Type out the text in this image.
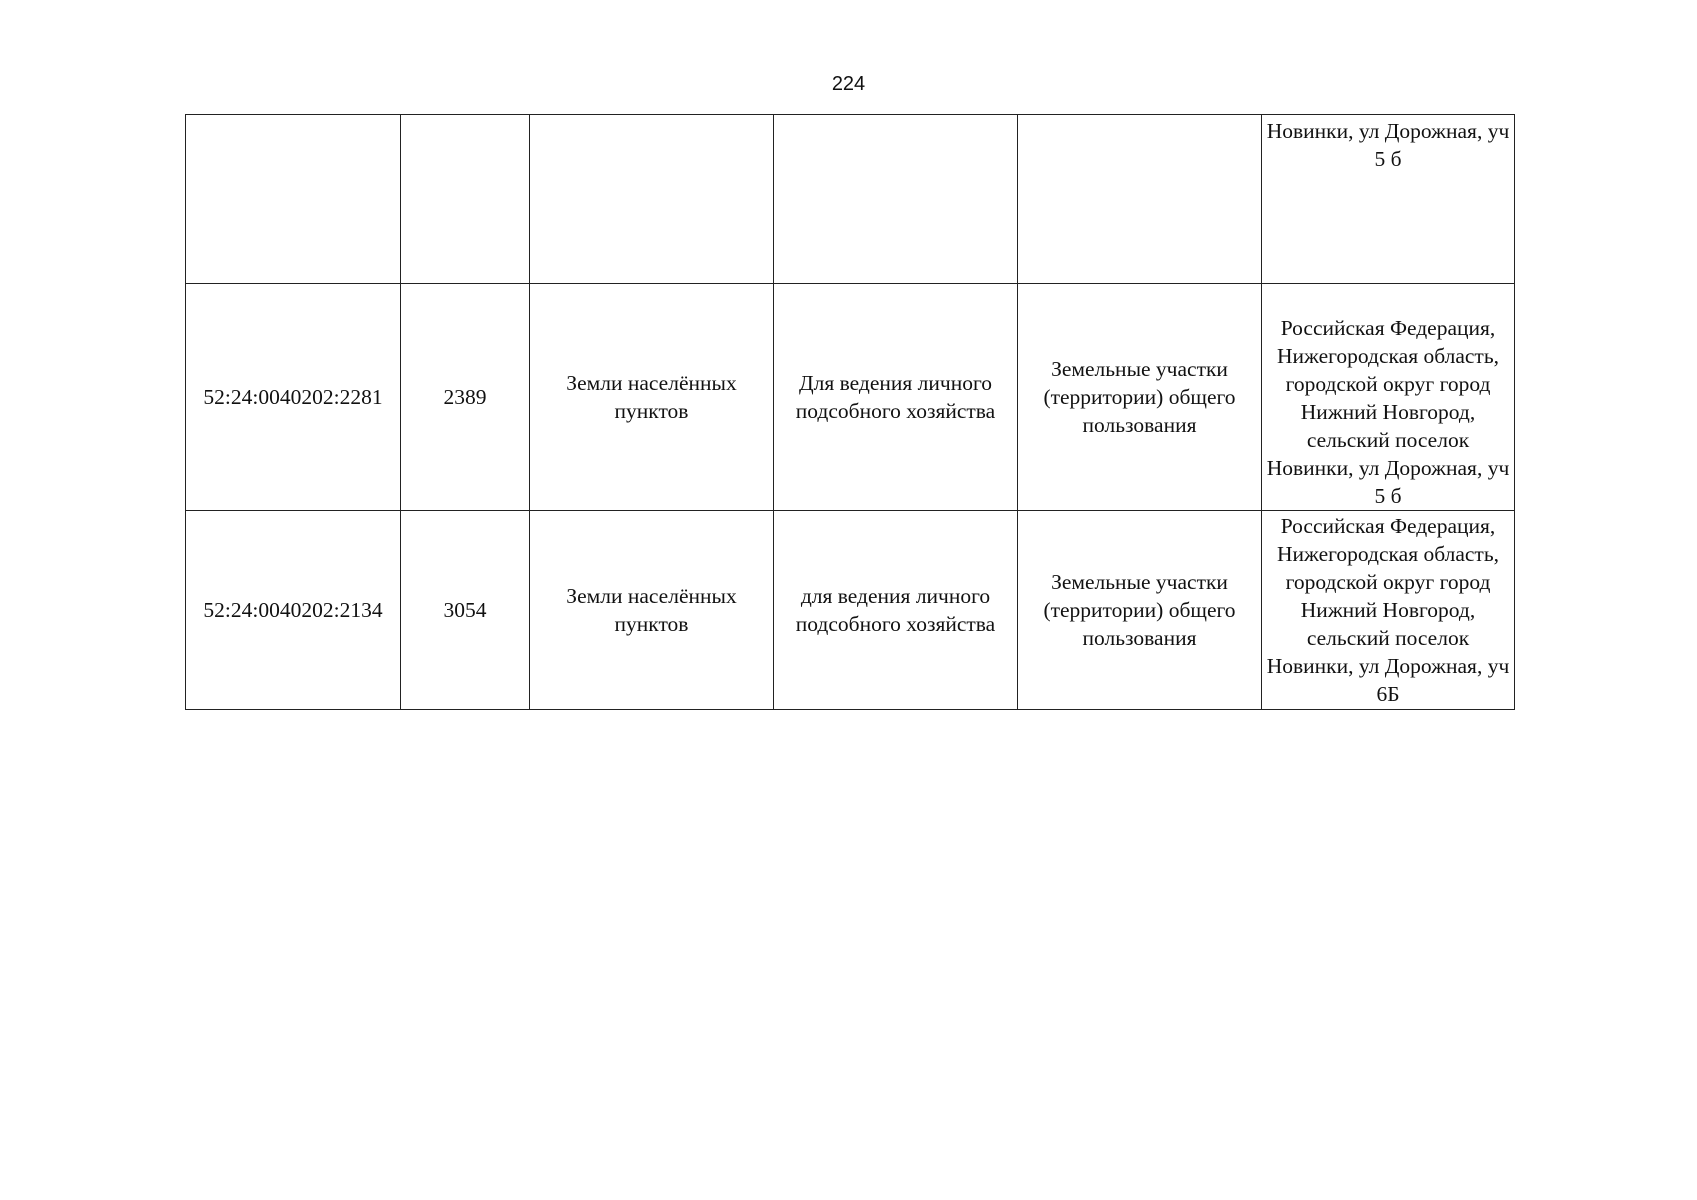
224

					Новинки, ул Дорожная, уч 5 б

52:24:0040202:2281	2389	Земли населённых пунктов	Для ведения личного подсобного хозяйства	Земельные участки (территории) общего пользования	Российская Федерация, Нижегородская область, городской округ город Нижний Новгород, сельский поселок Новинки, ул Дорожная, уч 5 б

52:24:0040202:2134	3054	Земли населённых пунктов	для ведения личного подсобного хозяйства	Земельные участки (территории) общего пользования	Российская Федерация, Нижегородская область, городской округ город Нижний Новгород, сельский поселок Новинки, ул Дорожная, уч 6Б
